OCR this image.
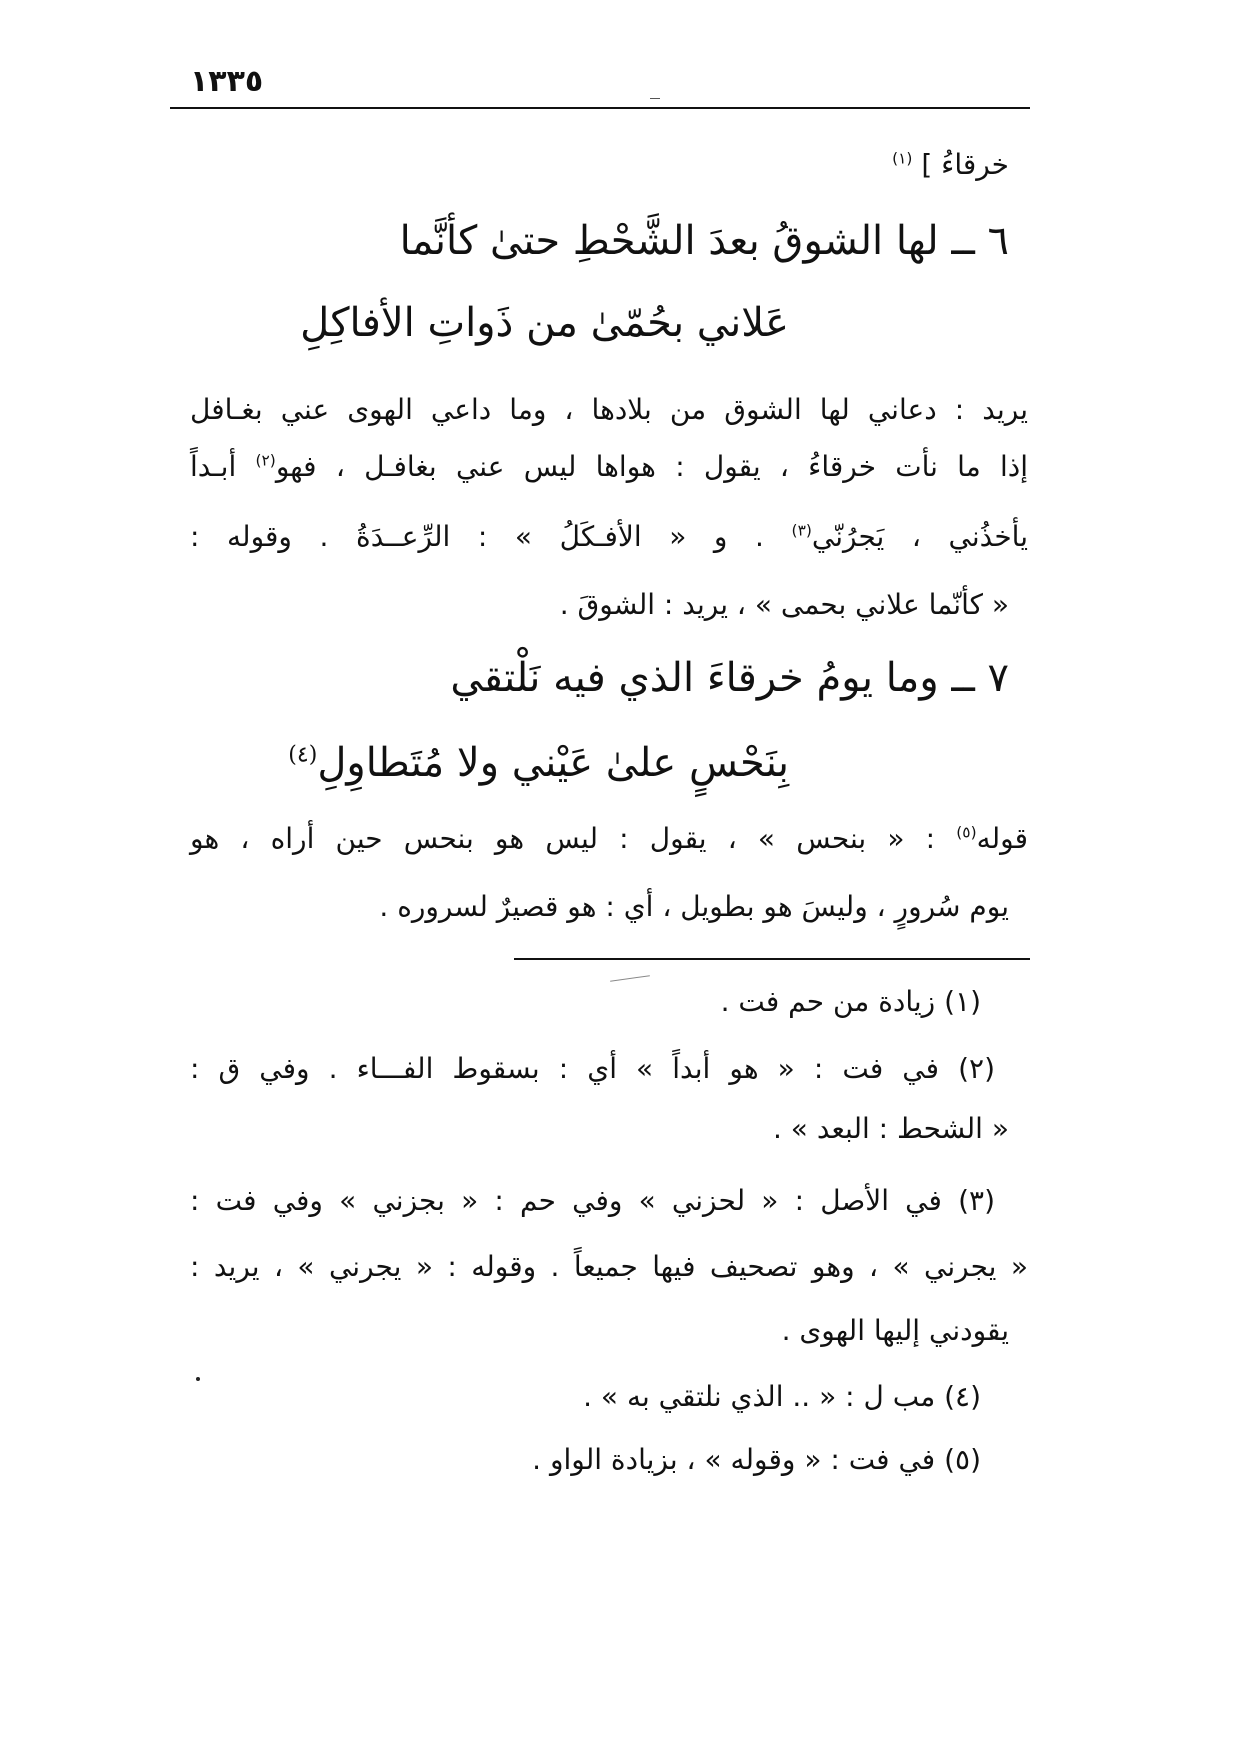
١٣٣٥
خرقاءُ ] $^{(١)}$
٦ ــ لها الشوقُ بعدَ الشَّحْطِ حتىٰ كأنَّما
عَلاني بحُمّىٰ من ذَواتِ الأفاكِلِ
يريد : دعاني لها الشوق من بلادها ، وما داعي الهوى عني بغـافل
إذا ما نأت خرقاءُ ، يقول : هواها ليس عني بغافـل ، فهو$^{(٢)}$ أبـداً
يأخذُني ، يَجرُنّي$^{(٣)}$ . و « الأفـكَلُ » : الرِّعــدَةُ . وقوله :
« كأنّما علاني بحمى » ، يريد : الشوقَ .
٧ ــ وما يومُ خرقاءَ الذي فيه نَلْتقي
بِنَحْسٍ علىٰ عَيْني ولا مُتَطاوِلِ$^{(٤)}$
قوله$^{(٥)}$ : « بنحس » ، يقول : ليس هو بنحس حين أراه ، هو
يوم سُرورٍ ، وليسَ هو بطويل ، أي : هو قصيرٌ لسروره .
(١) زيادة من حم فت .
(٢) في فت : « هو أبداً » أي : بسقوط الفـــاء . وفي ق :
« الشحط : البعد » .
(٣) في الأصل : « لحزني » وفي حم : « بجزني » وفي فت :
« يجرني » ، وهو تصحيف فيها جميعاً . وقوله : « يجرني » ، يريد :
يقودني إليها الهوى .
(٤) مب ل : « .. الذي نلتقي به » .
(٥) في فت : « وقوله » ، بزيادة الواو .
